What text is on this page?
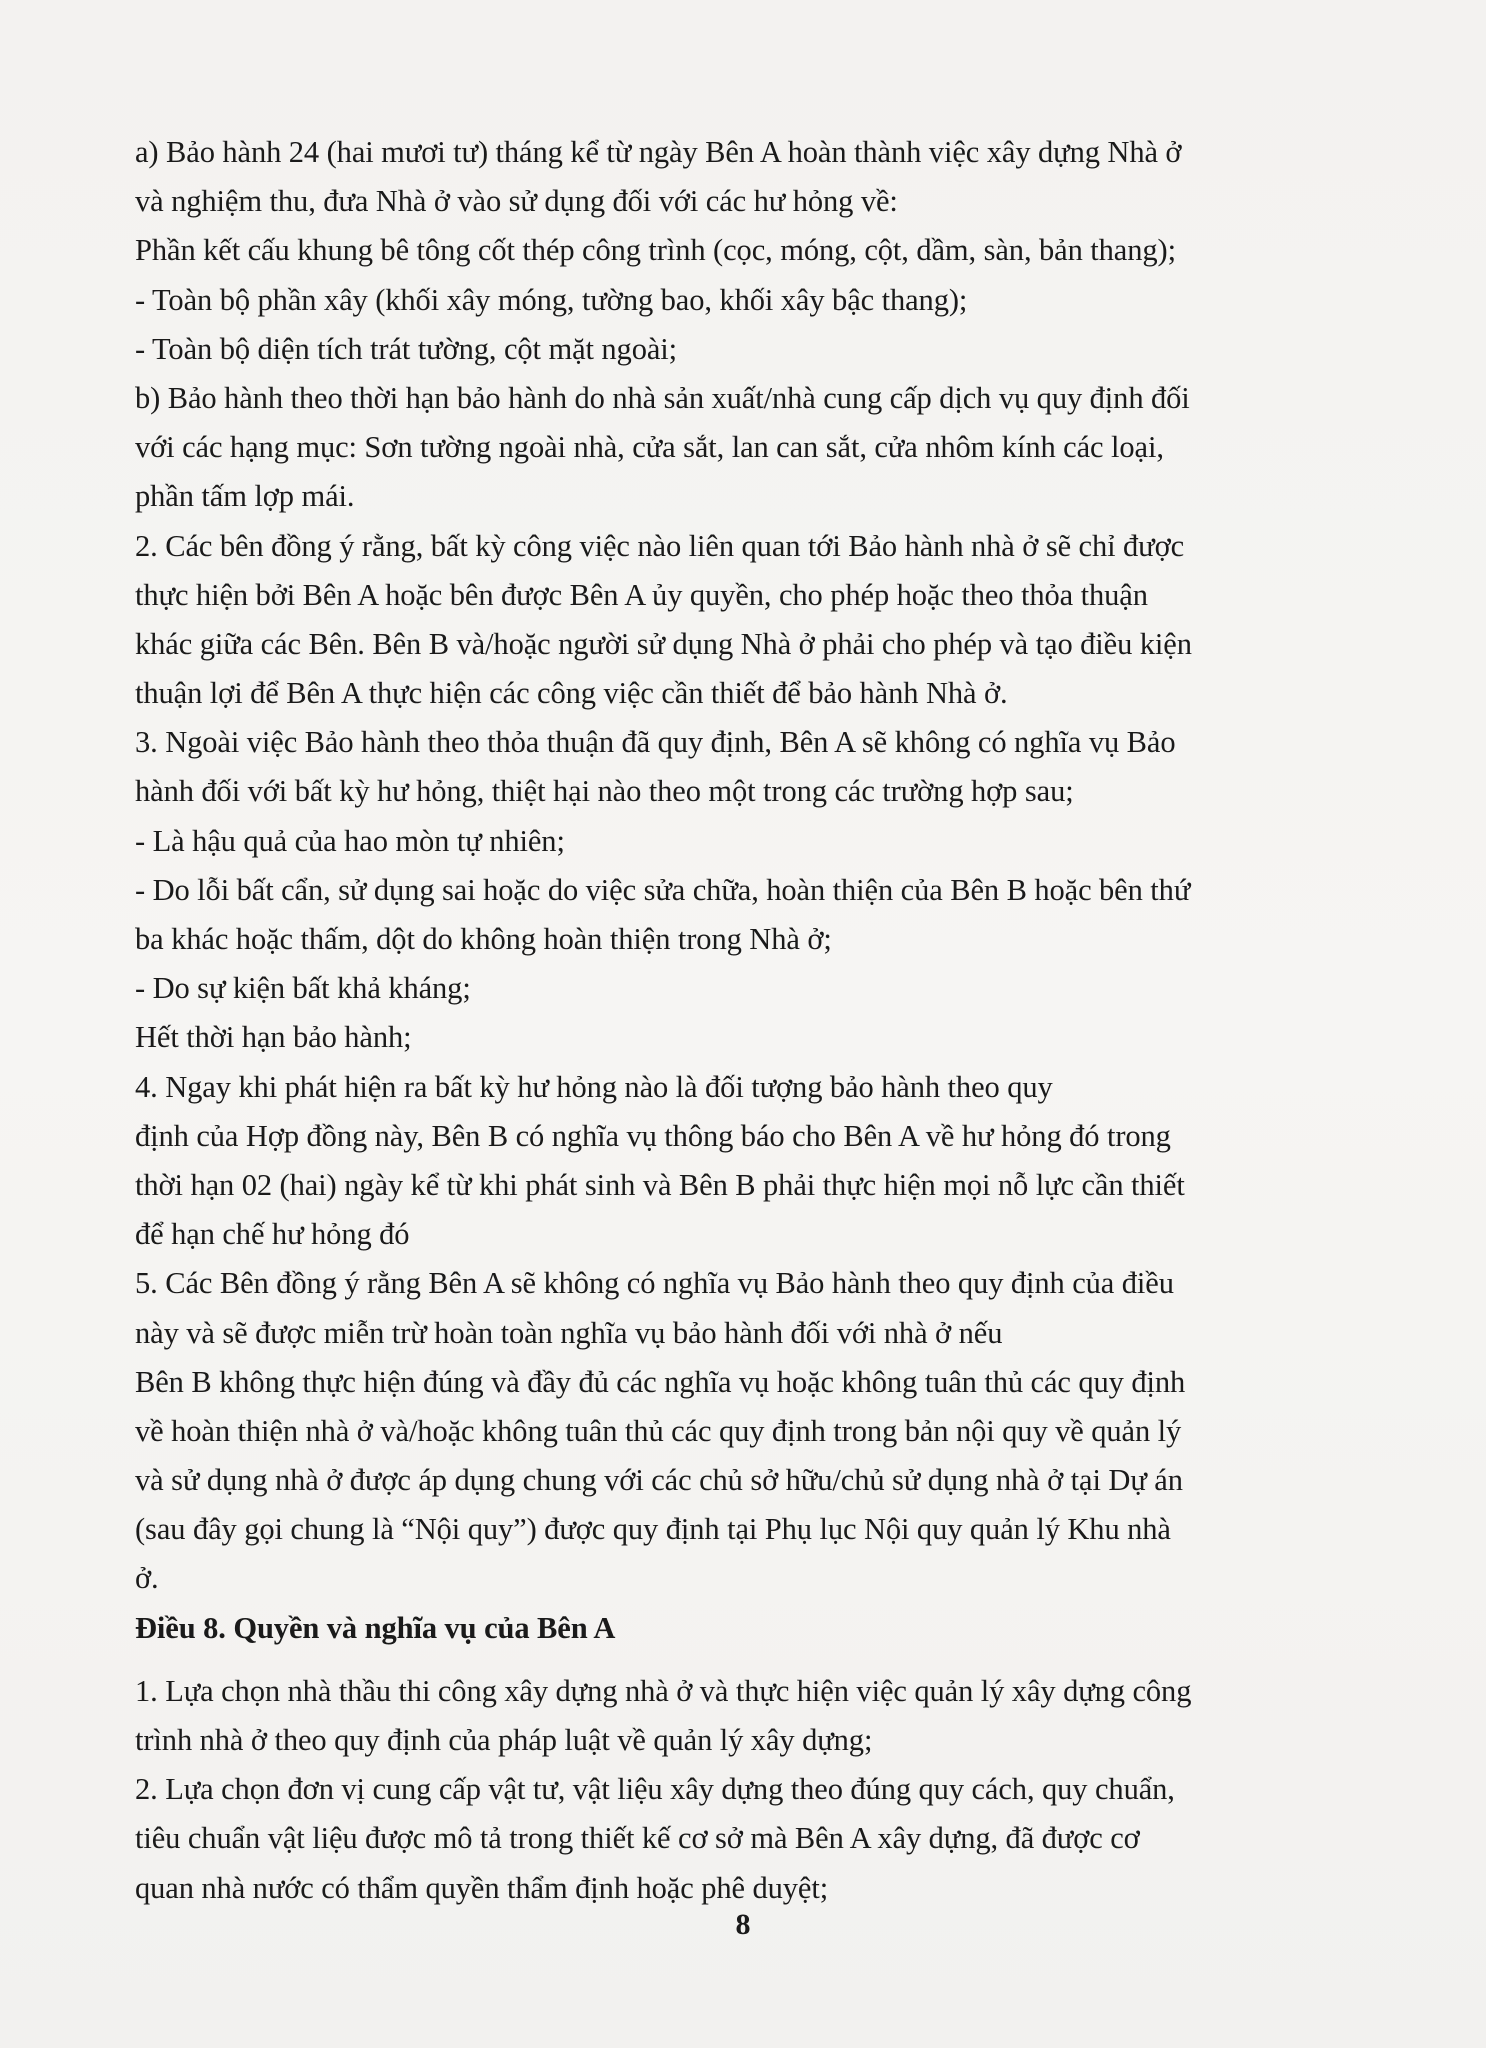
a) Bảo hành 24 (hai mươi tư) tháng kể từ ngày Bên A hoàn thành việc xây dựng Nhà ở
và nghiệm thu, đưa Nhà ở vào sử dụng đối với các hư hỏng về:
Phần kết cấu khung bê tông cốt thép công trình (cọc, móng, cột, dầm, sàn, bản thang);
- Toàn bộ phần xây (khối xây móng, tường bao, khối xây bậc thang);
- Toàn bộ diện tích trát tường, cột mặt ngoài;
b) Bảo hành theo thời hạn bảo hành do nhà sản xuất/nhà cung cấp dịch vụ quy định đối
với các hạng mục: Sơn tường ngoài nhà, cửa sắt, lan can sắt, cửa nhôm kính các loại,
phần tấm lợp mái.
2. Các bên đồng ý rằng, bất kỳ công việc nào liên quan tới Bảo hành nhà ở sẽ chỉ được
thực hiện bởi Bên A hoặc bên được Bên A ủy quyền, cho phép hoặc theo thỏa thuận
khác giữa các Bên. Bên B và/hoặc người sử dụng Nhà ở phải cho phép và tạo điều kiện
thuận lợi để Bên A thực hiện các công việc cần thiết để bảo hành Nhà ở.
3. Ngoài việc Bảo hành theo thỏa thuận đã quy định, Bên A sẽ không có nghĩa vụ Bảo
hành đối với bất kỳ hư hỏng, thiệt hại nào theo một trong các trường hợp sau;
- Là hậu quả của hao mòn tự nhiên;
- Do lỗi bất cẩn, sử dụng sai hoặc do việc sửa chữa, hoàn thiện của Bên B hoặc bên thứ
ba khác hoặc thấm, dột do không hoàn thiện trong Nhà ở;
- Do sự kiện bất khả kháng;
Hết thời hạn bảo hành;
4. Ngay khi phát hiện ra bất kỳ hư hỏng nào là đối tượng bảo hành theo quy
định của Hợp đồng này, Bên B có nghĩa vụ thông báo cho Bên A về hư hỏng đó trong
thời hạn 02 (hai) ngày kể từ khi phát sinh và Bên B phải thực hiện mọi nỗ lực cần thiết
để hạn chế hư hỏng đó
5. Các Bên đồng ý rằng Bên A sẽ không có nghĩa vụ Bảo hành theo quy định của điều
này và sẽ được miễn trừ hoàn toàn nghĩa vụ bảo hành đối với nhà ở nếu
Bên B không thực hiện đúng và đầy đủ các nghĩa vụ hoặc không tuân thủ các quy định
về hoàn thiện nhà ở và/hoặc không tuân thủ các quy định trong bản nội quy về quản lý
và sử dụng nhà ở được áp dụng chung với các chủ sở hữu/chủ sử dụng nhà ở tại Dự án
(sau đây gọi chung là “Nội quy”) được quy định tại Phụ lục Nội quy quản lý Khu nhà
ở.
Điều 8. Quyền và nghĩa vụ của Bên A
1. Lựa chọn nhà thầu thi công xây dựng nhà ở và thực hiện việc quản lý xây dựng công
trình nhà ở theo quy định của pháp luật về quản lý xây dựng;
2. Lựa chọn đơn vị cung cấp vật tư, vật liệu xây dựng theo đúng quy cách, quy chuẩn,
tiêu chuẩn vật liệu được mô tả trong thiết kế cơ sở mà Bên A xây dựng, đã được cơ
quan nhà nước có thẩm quyền thẩm định hoặc phê duyệt;
8
